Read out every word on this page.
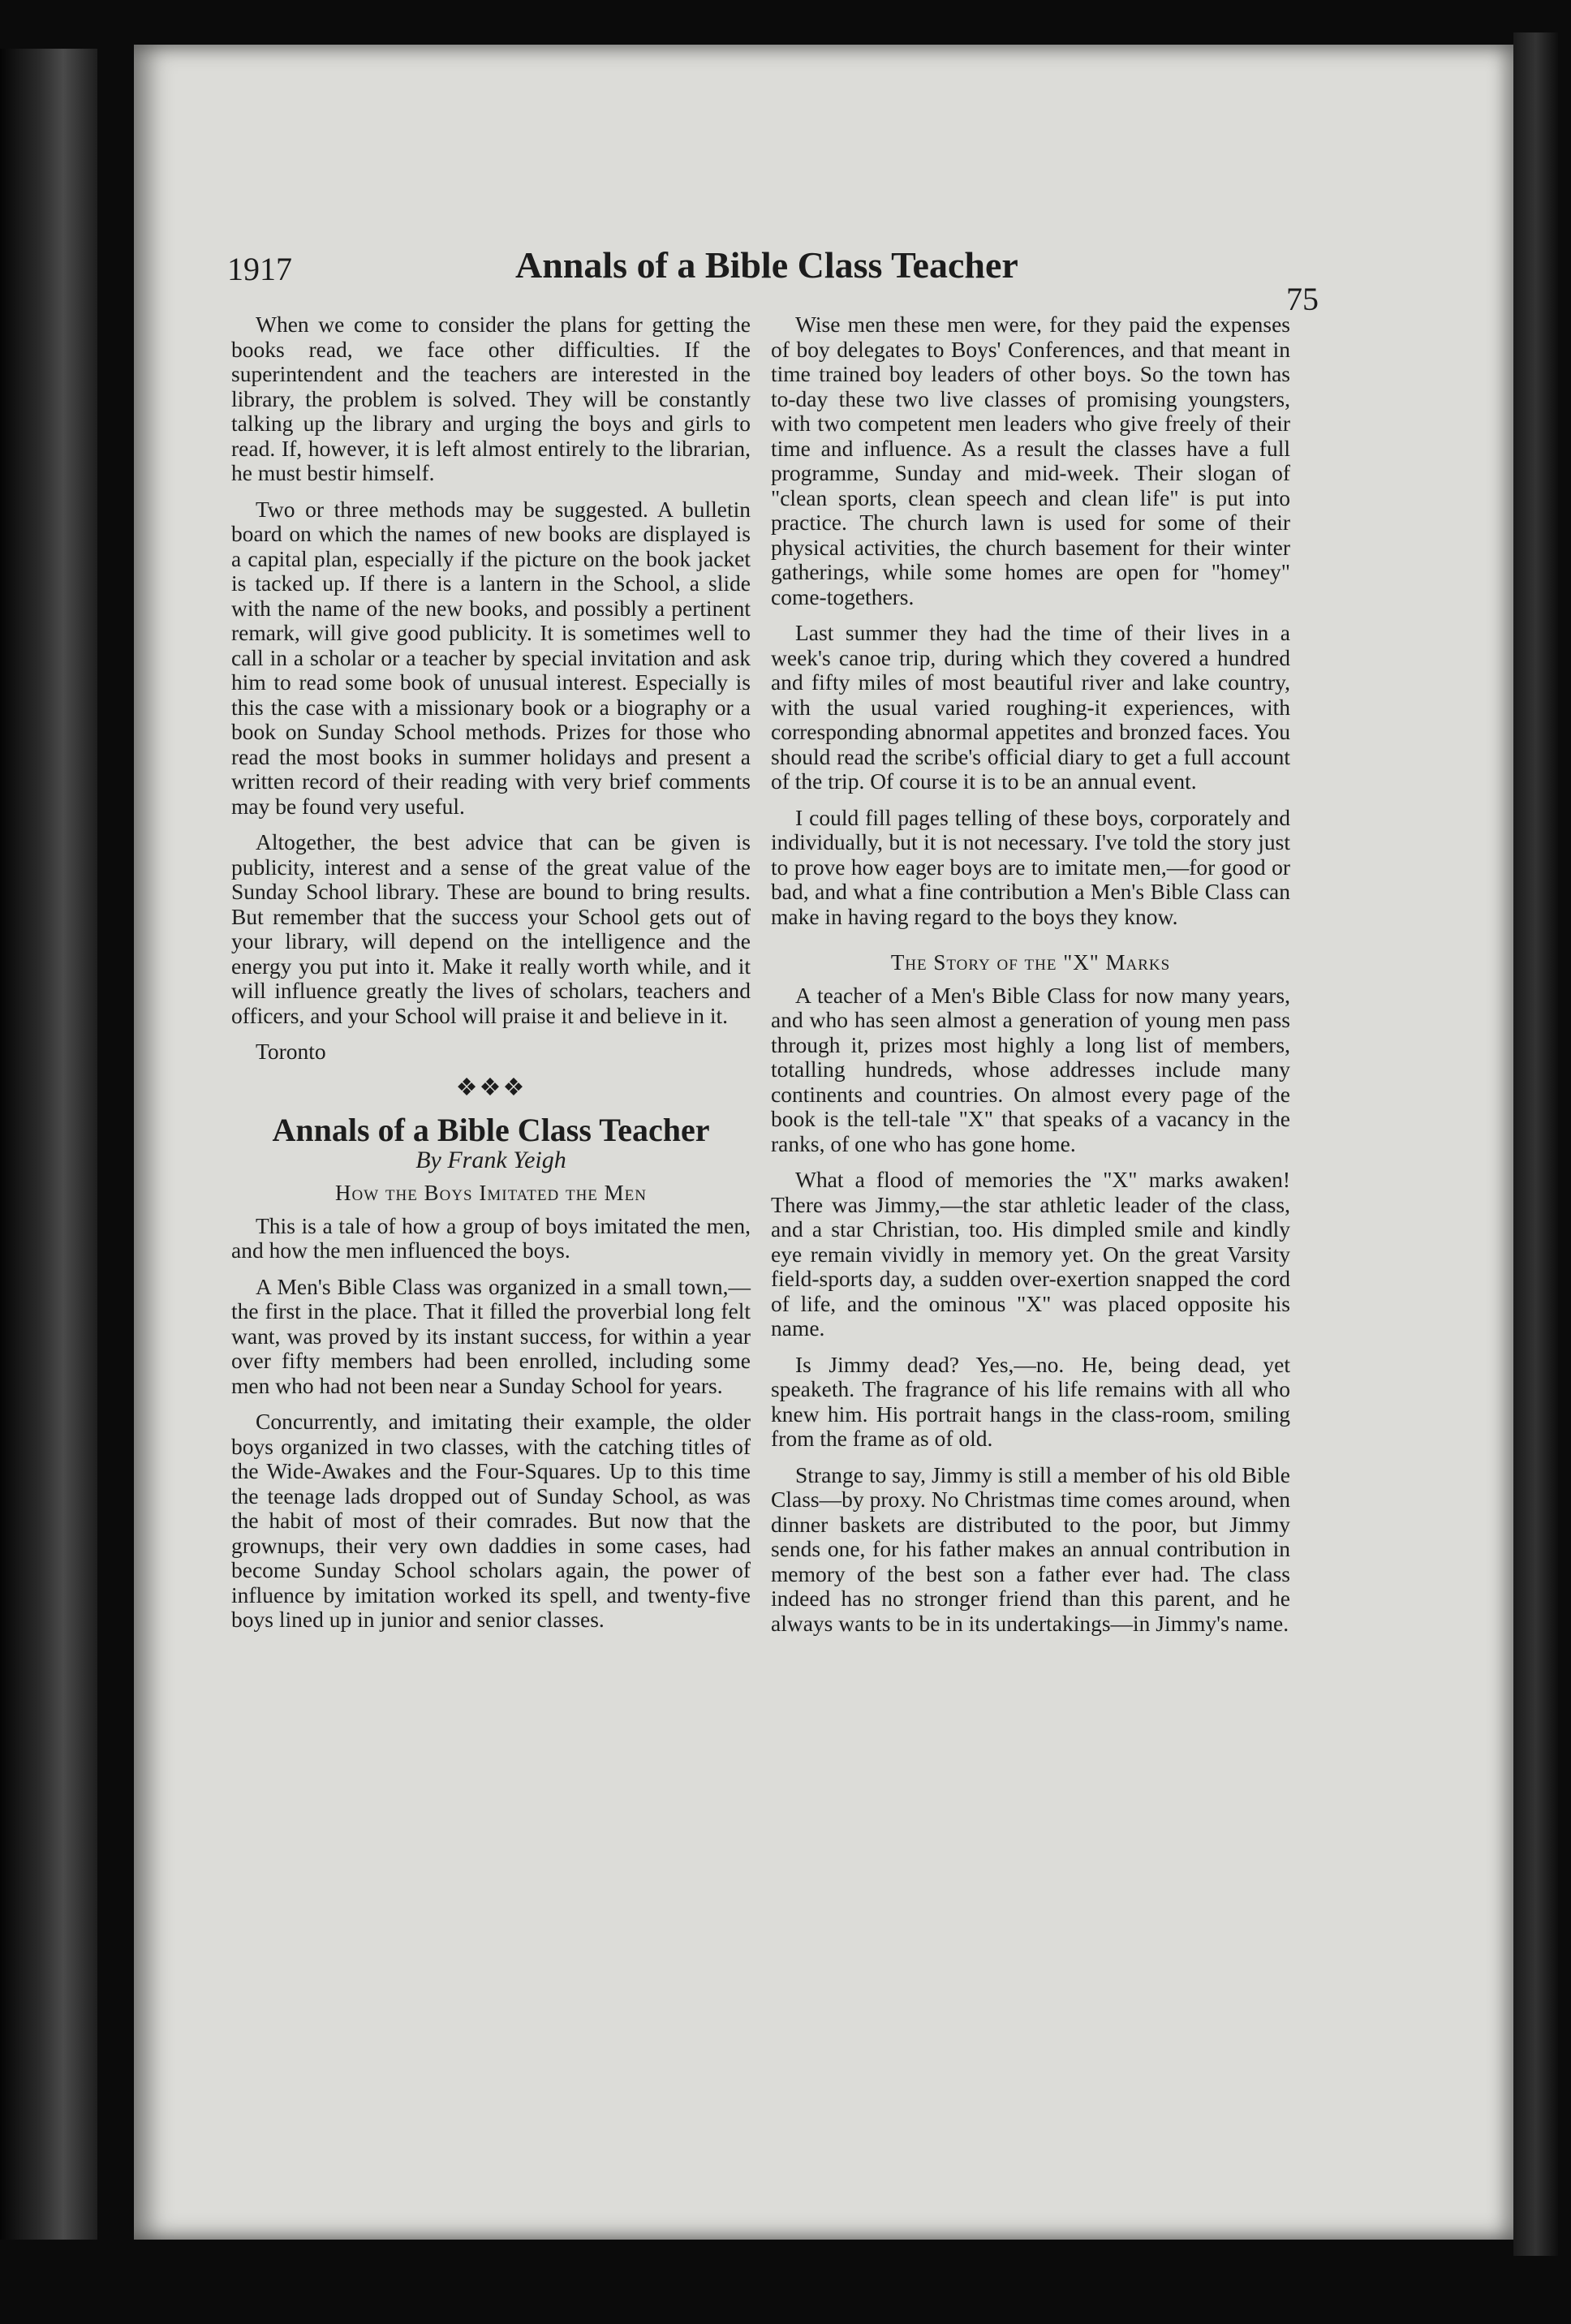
1917	Annals of a Bible Class Teacher
75

When we come to consider the plans for getting the books read, we face other difficulties. If the superintendent and the teachers are interested in the library, the problem is solved. They will be constantly talking up the library and urging the boys and girls to read. If, however, it is left almost entirely to the librarian, he must bestir himself.

Two or three methods may be suggested. A bulletin board on which the names of new books are displayed is a capital plan, especially if the picture on the book jacket is tacked up. If there is a lantern in the School, a slide with the name of the new books, and possibly a pertinent remark, will give good publicity. It is sometimes well to call in a scholar or a teacher by special invitation and ask him to read some book of unusual interest. Especially is this the case with a missionary book or a biography or a book on Sunday School methods. Prizes for those who read the most books in summer holidays and present a written record of their reading with very brief comments may be found very useful.

Altogether, the best advice that can be given is publicity, interest and a sense of the great value of the Sunday School library. These are bound to bring results. But remember that the success your School gets out of your library, will depend on the intelligence and the energy you put into it. Make it really worth while, and it will influence greatly the lives of scholars, teachers and officers, and your School will praise it and believe in it.

Toronto

❖❖❖
Annals of a Bible Class Teacher
By Frank Yeigh
How the Boys Imitated the Men

This is a tale of how a group of boys imitated the men, and how the men influenced the boys.

A Men's Bible Class was organized in a small town,—the first in the place. That it filled the proverbial long felt want, was proved by its instant success, for within a year over fifty members had been enrolled, including some men who had not been near a Sunday School for years.

Concurrently, and imitating their example, the older boys organized in two classes, with the catching titles of the Wide-Awakes and the Four-Squares. Up to this time the teenage lads dropped out of Sunday School, as was the habit of most of their comrades. But now that the grownups, their very own daddies in some cases, had become Sunday School scholars again, the power of influence by imitation worked its spell, and twenty-five boys lined up in junior and senior classes.

Wise men these men were, for they paid the expenses of boy delegates to Boys' Conferences, and that meant in time trained boy leaders of other boys. So the town has to-day these two live classes of promising youngsters, with two competent men leaders who give freely of their time and influence. As a result the classes have a full programme, Sunday and mid-week. Their slogan of "clean sports, clean speech and clean life" is put into practice. The church lawn is used for some of their physical activities, the church basement for their winter gatherings, while some homes are open for "homey" come-togethers.

Last summer they had the time of their lives in a week's canoe trip, during which they covered a hundred and fifty miles of most beautiful river and lake country, with the usual varied roughing-it experiences, with corresponding abnormal appetites and bronzed faces. You should read the scribe's official diary to get a full account of the trip. Of course it is to be an annual event.

I could fill pages telling of these boys, corporately and individually, but it is not necessary. I've told the story just to prove how eager boys are to imitate men,—for good or bad, and what a fine contribution a Men's Bible Class can make in having regard to the boys they know.

The Story of the "X" Marks

A teacher of a Men's Bible Class for now many years, and who has seen almost a generation of young men pass through it, prizes most highly a long list of members, totalling hundreds, whose addresses include many continents and countries. On almost every page of the book is the tell-tale "X" that speaks of a vacancy in the ranks, of one who has gone home.

What a flood of memories the "X" marks awaken! There was Jimmy,—the star athletic leader of the class, and a star Christian, too. His dimpled smile and kindly eye remain vividly in memory yet. On the great Varsity field-sports day, a sudden over-exertion snapped the cord of life, and the ominous "X" was placed opposite his name.

Is Jimmy dead? Yes,—no. He, being dead, yet speaketh. The fragrance of his life remains with all who knew him. His portrait hangs in the class-room, smiling from the frame as of old.

Strange to say, Jimmy is still a member of his old Bible Class—by proxy. No Christmas time comes around, when dinner baskets are distributed to the poor, but Jimmy sends one, for his father makes an annual contribution in memory of the best son a father ever had. The class indeed has no stronger friend than this parent, and he always wants to be in its undertakings—in Jimmy's name.
